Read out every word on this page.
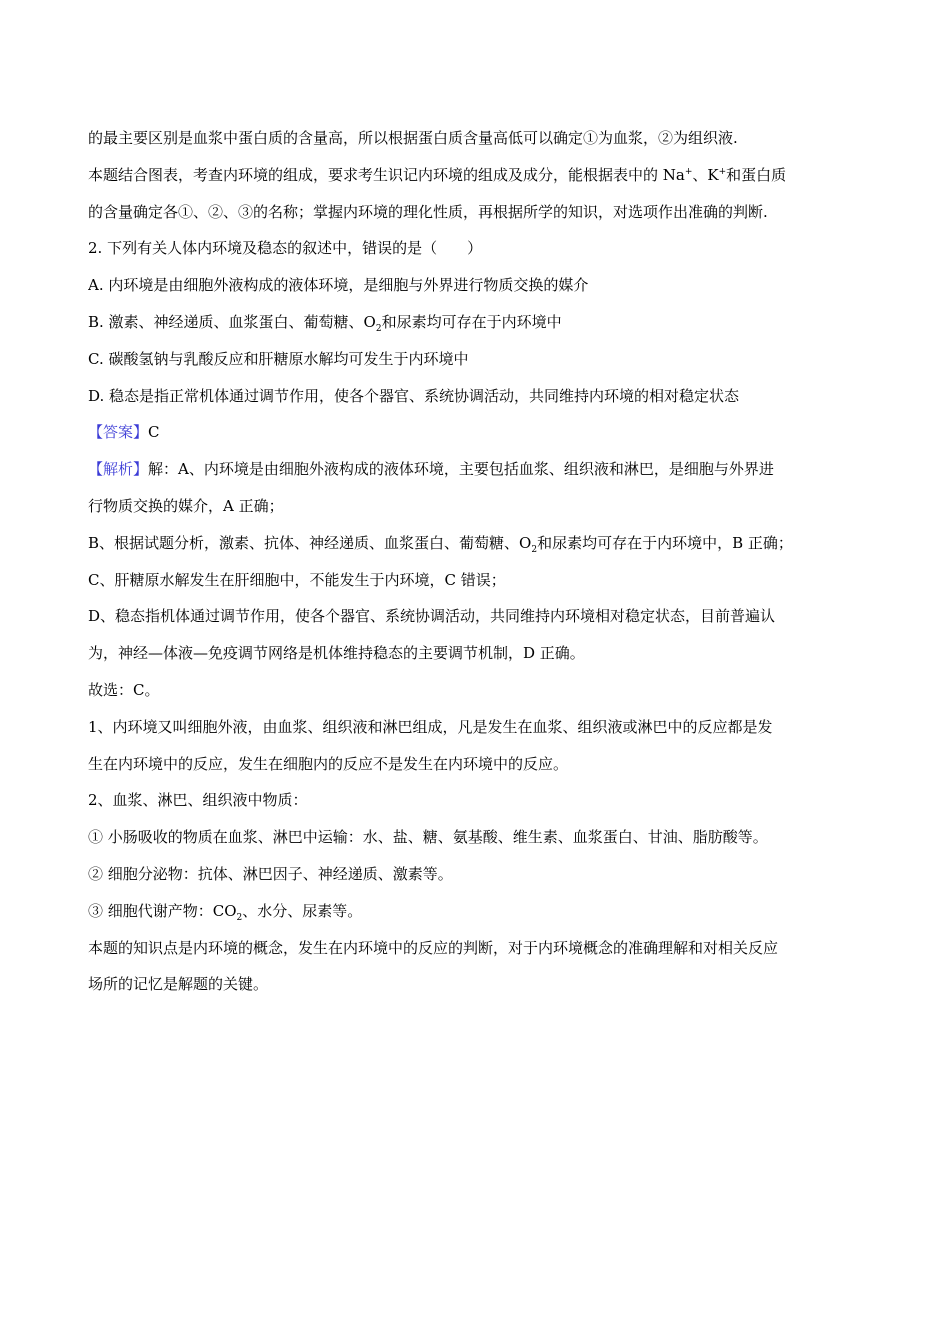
的最主要区别是血浆中蛋白质的含量高，所以根据蛋白质含量高低可以确定①为血浆，②为组织液.
本题结合图表，考查内环境的组成，要求考生识记内环境的组成及成分，能根据表中的 Na+、K+和蛋白质
的含量确定各①、②、③的名称；掌握内环境的理化性质，再根据所学的知识，对选项作出准确的判断.
2. 下列有关人体内环境及稳态的叙述中，错误的是（　　）
A. 内环境是由细胞外液构成的液体环境，是细胞与外界进行物质交换的媒介
B. 激素、神经递质、血浆蛋白、葡萄糖、$O_2$和尿素均可存在于内环境中
C. 碳酸氢钠与乳酸反应和肝糖原水解均可发生于内环境中
D. 稳态是指正常机体通过调节作用，使各个器官、系统协调活动，共同维持内环境的相对稳定状态
【答案】C
【解析】解：A、内环境是由细胞外液构成的液体环境，主要包括血浆、组织液和淋巴，是细胞与外界进
行物质交换的媒介，A 正确；
B、根据试题分析，激素、抗体、神经递质、血浆蛋白、葡萄糖、$O_2$和尿素均可存在于内环境中，B 正确；
C、肝糖原水解发生在肝细胞中，不能发生于内环境，C 错误；
D、稳态指机体通过调节作用，使各个器官、系统协调活动，共同维持内环境相对稳定状态，目前普遍认
为，神经—体液—免疫调节网络是机体维持稳态的主要调节机制，D 正确。
故选：C。
1、内环境又叫细胞外液，由血浆、组织液和淋巴组成，凡是发生在血浆、组织液或淋巴中的反应都是发
生在内环境中的反应，发生在细胞内的反应不是发生在内环境中的反应。
2、血浆、淋巴、组织液中物质：
① 小肠吸收的物质在血浆、淋巴中运输：水、盐、糖、氨基酸、维生素、血浆蛋白、甘油、脂肪酸等。
② 细胞分泌物：抗体、淋巴因子、神经递质、激素等。
③ 细胞代谢产物：$CO_2$、水分、尿素等。
本题的知识点是内环境的概念，发生在内环境中的反应的判断，对于内环境概念的准确理解和对相关反应
场所的记忆是解题的关键。
